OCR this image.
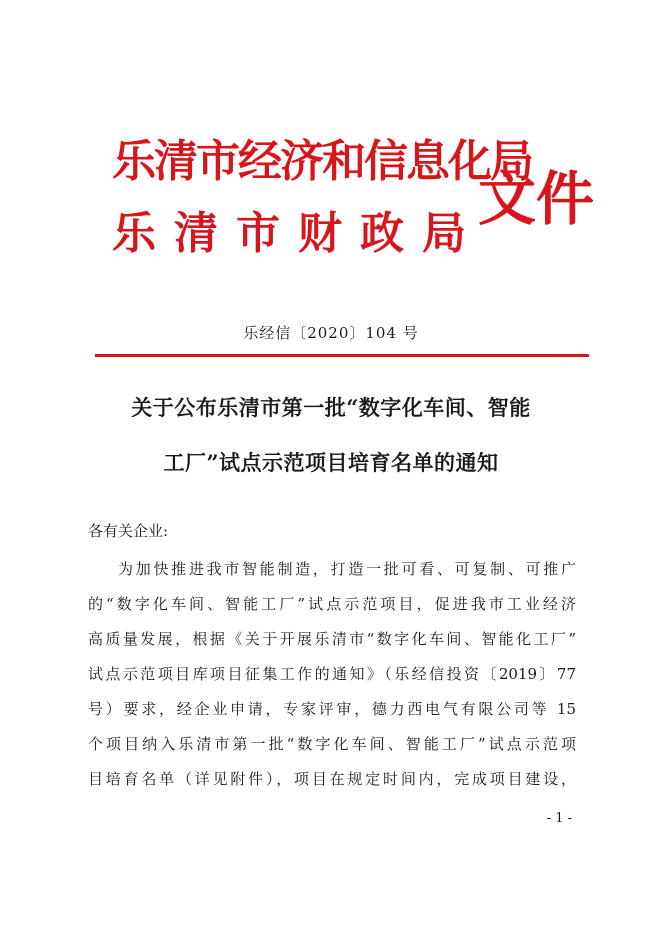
乐清市经济和信息化局
乐清市财政局
文件
乐经信〔2020〕104 号
关于公布乐清市第一批“数字化车间、智能
工厂”试点示范项目培育名单的通知
各有关企业:
为加快推进我市智能制造，打造一批可看、可复制、可推广
的“数字化车间、智能工厂”试点示范项目，促进我市工业经济
高质量发展，根据《关于开展乐清市“数字化车间、智能化工厂”
试点示范项目库项目征集工作的通知》（乐经信投资〔2019〕77
号）要求，经企业申请，专家评审，德力西电气有限公司等 15
个项目纳入乐清市第一批“数字化车间、智能工厂”试点示范项
目培育名单（详见附件），项目在规定时间内，完成项目建设，
- 1 -
